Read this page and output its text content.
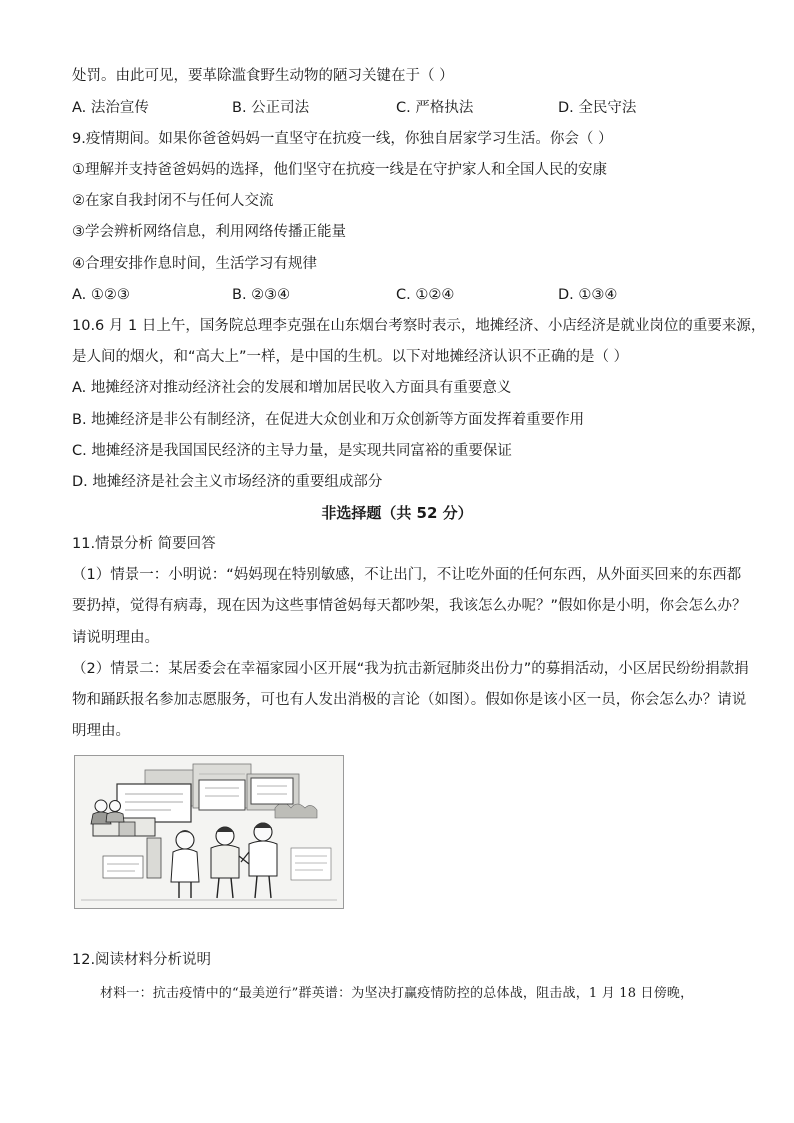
处罚。由此可见，要革除滥食野生动物的陋习关键在于（ ）
A. 法治宣传	B. 公正司法	C. 严格执法	D. 全民守法
9.疫情期间。如果你爸爸妈妈一直坚守在抗疫一线，你独自居家学习生活。你会（ ）
①理解并支持爸爸妈妈的选择，他们坚守在抗疫一线是在守护家人和全国人民的安康
②在家自我封闭不与任何人交流
③学会辨析网络信息，利用网络传播正能量
④合理安排作息时间，生活学习有规律
A. ①②③	B. ②③④	C. ①②④	D. ①③④
10.6 月 1 日上午，国务院总理李克强在山东烟台考察时表示，地摊经济、小店经济是就业岗位的重要来源，
是人间的烟火，和“高大上”一样，是中国的生机。以下对地摊经济认识不正确的是（ ）
A. 地摊经济对推动经济社会的发展和增加居民收入方面具有重要意义
B. 地摊经济是非公有制经济，在促进大众创业和万众创新等方面发挥着重要作用
C. 地摊经济是我国国民经济的主导力量，是实现共同富裕的重要保证
D. 地摊经济是社会主义市场经济的重要组成部分
非选择题（共 52 分）
11.情景分析 简要回答
（1）情景一：小明说：“妈妈现在特别敏感，不让出门，不让吃外面的任何东西，从外面买回来的东西都
要扔掉，觉得有病毒，现在因为这些事情爸妈每天都吵架，我该怎么办呢？”假如你是小明，你会怎么办？
请说明理由。
（2）情景二：某居委会在幸福家园小区开展“我为抗击新冠肺炎出份力”的募捐活动，小区居民纷纷捐款捐
物和踊跃报名参加志愿服务，可也有人发出消极的言论（如图）。假如你是该小区一员，你会怎么办？请说
明理由。
12.阅读材料分析说明
材料一：抗击疫情中的“最美逆行”群英谱：为坚决打赢疫情防控的总体战，阻击战，1 月 18 日傍晚，
